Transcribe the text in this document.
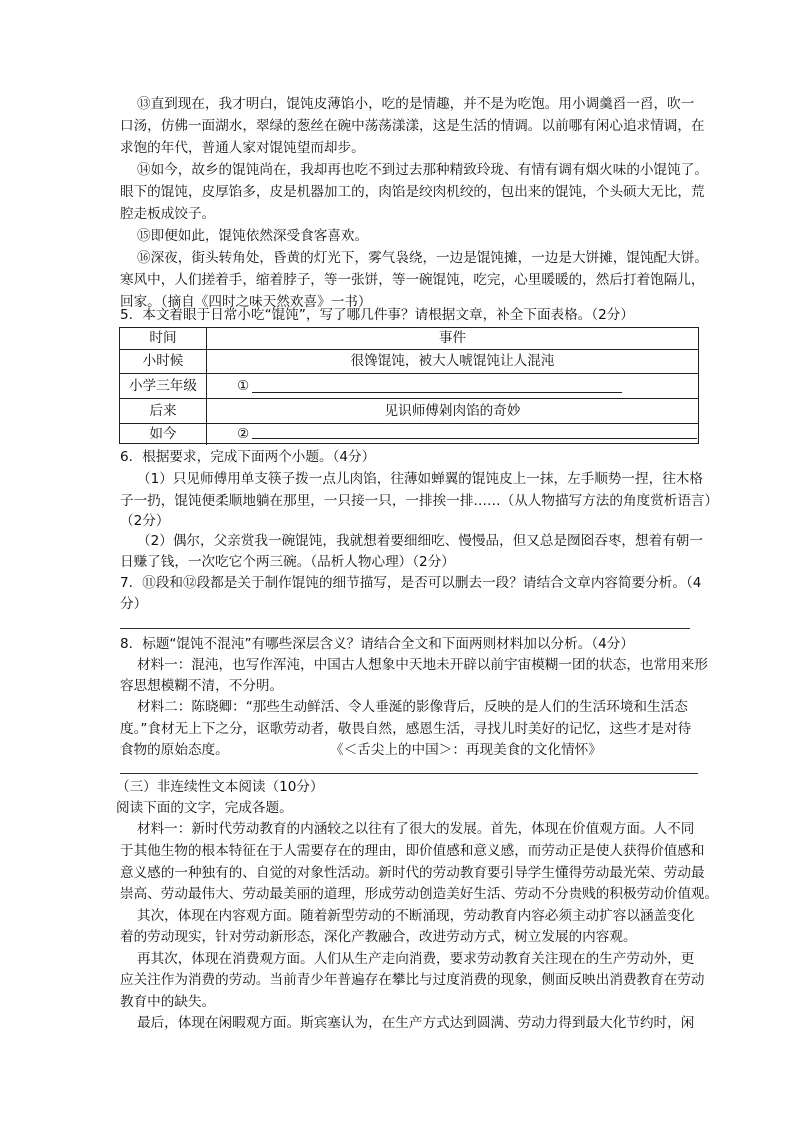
⑬直到现在，我才明白，馄饨皮薄馅小，吃的是情趣，并不是为吃饱。用小调羹舀一舀，吹一
口汤，仿佛一面湖水，翠绿的葱丝在碗中荡荡漾漾，这是生活的情调。以前哪有闲心追求情调，在
求饱的年代，普通人家对馄饨望而却步。
⑭如今，故乡的馄饨尚在，我却再也吃不到过去那种精致玲珑、有情有调有烟火味的小馄饨了。
眼下的馄饨，皮厚馅多，皮是机器加工的，肉馅是绞肉机绞的，包出来的馄饨，个头硕大无比，荒
腔走板成饺子。
⑮即便如此，馄饨依然深受食客喜欢。
⑯深夜，街头转角处，昏黄的灯光下，雾气袅绕，一边是馄饨摊，一边是大饼摊，馄饨配大饼。
寒风中，人们搓着手，缩着脖子，等一张饼，等一碗馄饨，吃完，心里暖暖的，然后打着饱隔儿，
回家。（摘自《四时之味天然欢喜》一书）
5．本文着眼于日常小吃“馄饨”，写了哪几件事？请根据文章，补全下面表格。（2分）
时间	事件
小时候	很馋馄饨，被大人唬馄饨让人混沌
小学三年级	①
后来	见识师傅剁肉馅的奇妙
如今	②
6．根据要求，完成下面两个小题。（4分）
（1）只见师傅用单支筷子拨一点儿肉馅，往薄如蝉翼的馄饨皮上一抹，左手顺势一捏，往木格
子一扔，馄饨便柔顺地躺在那里，一只接一只，一排挨一排……（从人物描写方法的角度赏析语言）
（2分）
（2）偶尔，父亲赏我一碗馄饨，我就想着要细细吃、慢慢品，但又总是囫囵吞枣，想着有朝一
日赚了钱，一次吃它个两三碗。（品析人物心理）（2分）
7．⑪段和⑫段都是关于制作馄饨的细节描写，是否可以删去一段？请结合文章内容简要分析。（4
分）
8．标题“馄饨不混沌”有哪些深层含义？请结合全文和下面两则材料加以分析。（4分）
材料一：混沌，也写作浑沌，中国古人想象中天地未开辟以前宇宙模糊一团的状态，也常用来形
容思想模糊不清，不分明。
材料二：陈晓卿：“那些生动鲜活、令人垂涎的影像背后，反映的是人们的生活环境和生活态
度。”食材无上下之分，讴歌劳动者，敬畏自然，感恩生活，寻找儿时美好的记忆，这些才是对待
食物的原始态度。	《＜舌尖上的中国＞：再现美食的文化情怀》
（三）非连续性文本阅读（10分）
阅读下面的文字，完成各题。
材料一：新时代劳动教育的内涵较之以往有了很大的发展。首先，体现在价值观方面。人不同
于其他生物的根本特征在于人需要存在的理由，即价值感和意义感，而劳动正是使人获得价值感和
意义感的一种独有的、自觉的对象性活动。新时代的劳动教育要引导学生懂得劳动最光荣、劳动最
崇高、劳动最伟大、劳动最美丽的道理，形成劳动创造美好生活、劳动不分贵贱的积极劳动价值观。
其次，体现在内容观方面。随着新型劳动的不断涌现，劳动教育内容必须主动扩容以涵盖变化
着的劳动现实，针对劳动新形态，深化产教融合，改进劳动方式，树立发展的内容观。
再其次，体现在消费观方面。人们从生产走向消费，要求劳动教育关注现在的生产劳动外，更
应关注作为消费的劳动。当前青少年普遍存在攀比与过度消费的现象，侧面反映出消费教育在劳动
教育中的缺失。
最后，体现在闲暇观方面。斯宾塞认为，在生产方式达到圆满、劳动力得到最大化节约时，闲
